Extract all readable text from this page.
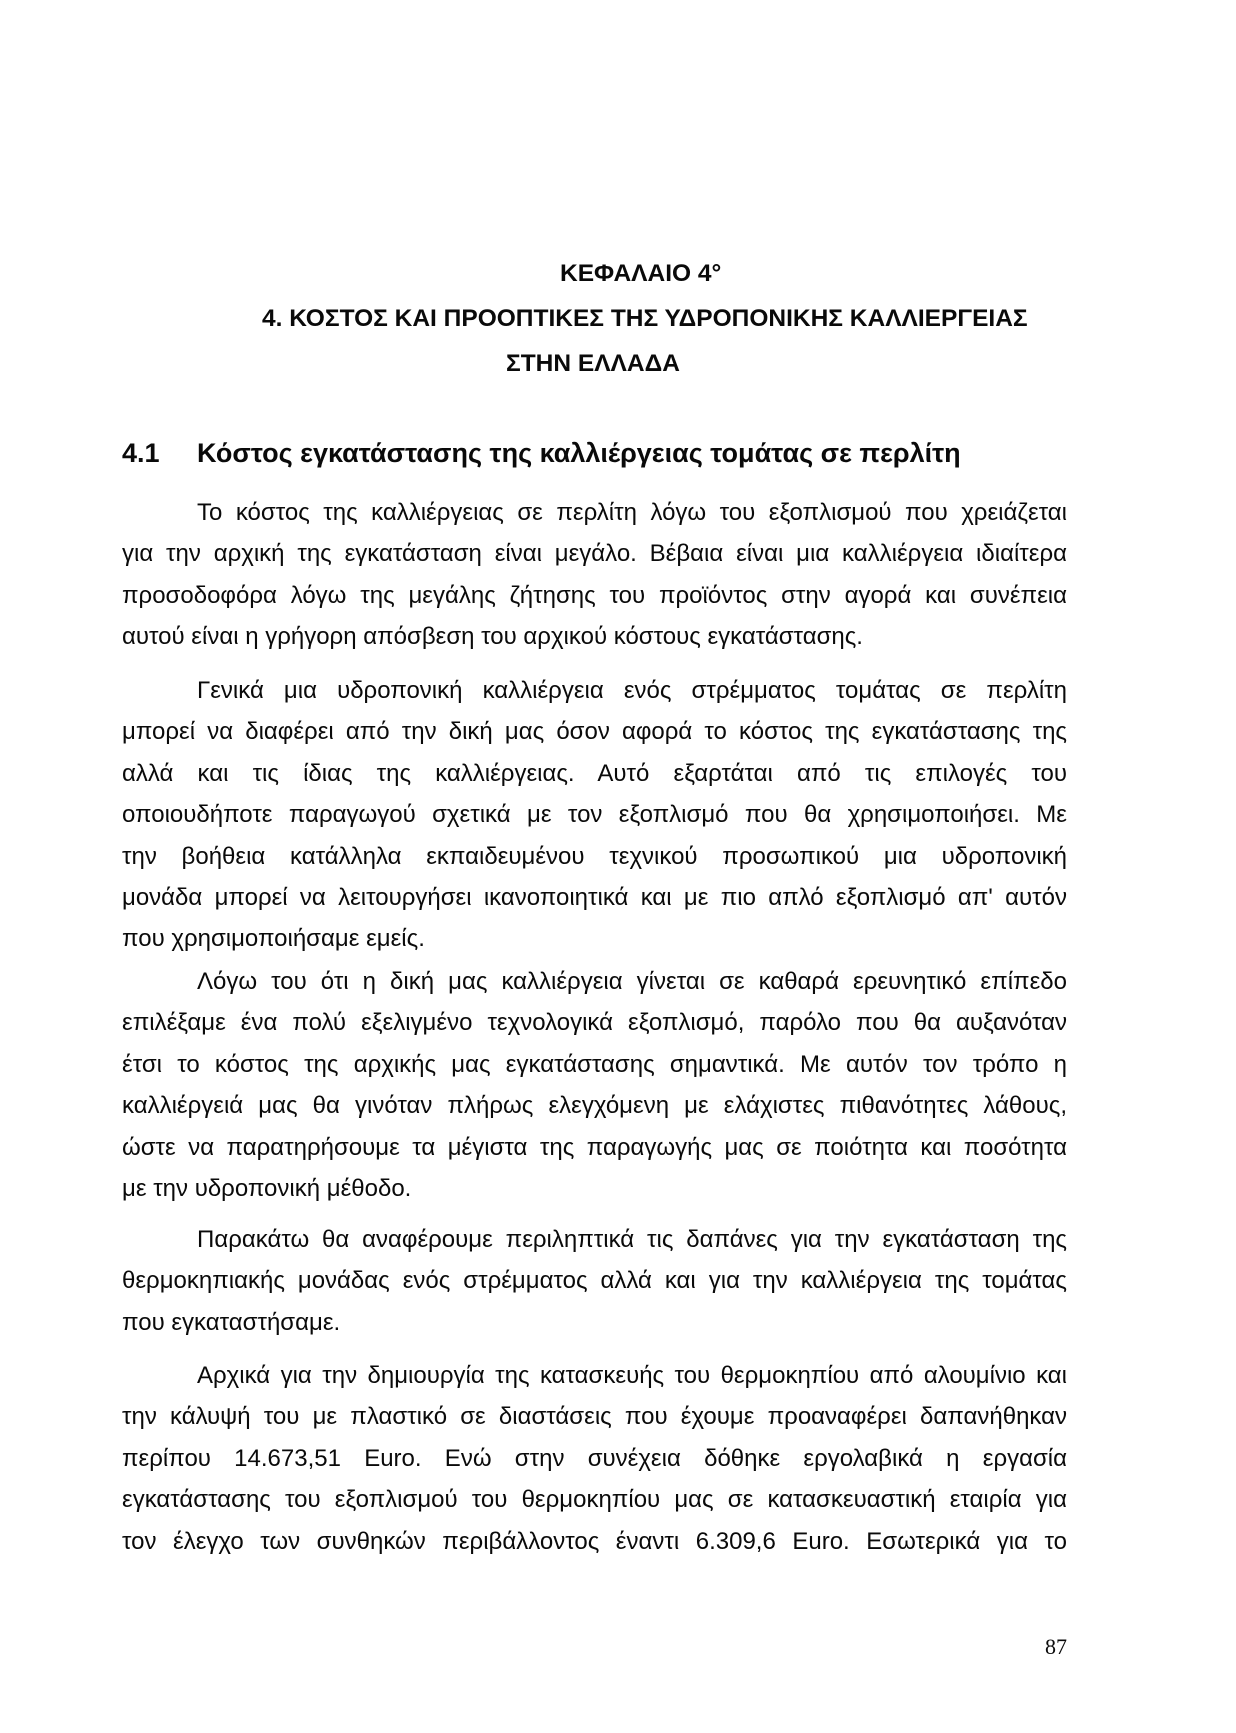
ΚΕΦΑΛΑΙΟ 4°
4. ΚΟΣΤΟΣ ΚΑΙ ΠΡΟΟΠΤΙΚΕΣ ΤΗΣ ΥΔΡΟΠΟΝΙΚΗΣ ΚΑΛΛΙΕΡΓΕΙΑΣ
ΣΤΗΝ ΕΛΛΑΔΑ
4.1 Κόστος εγκατάστασης της καλλιέργειας τομάτας σε περλίτη
Το κόστος της καλλιέργειας σε περλίτη λόγω του εξοπλισμού που χρειάζεται
για την αρχική της εγκατάσταση είναι μεγάλο. Βέβαια είναι μια καλλιέργεια ιδιαίτερα
προσοδοφόρα λόγω της μεγάλης ζήτησης του προϊόντος στην αγορά και συνέπεια
αυτού είναι η γρήγορη απόσβεση του αρχικού κόστους εγκατάστασης.
Γενικά μια υδροπονική καλλιέργεια ενός στρέμματος τομάτας σε περλίτη
μπορεί να διαφέρει από την δική μας όσον αφορά το κόστος της εγκατάστασης της
αλλά και τις ίδιας της καλλιέργειας. Αυτό εξαρτάται από τις επιλογές του
οποιουδήποτε παραγωγού σχετικά με τον εξοπλισμό που θα χρησιμοποιήσει. Με
την βοήθεια κατάλληλα εκπαιδευμένου τεχνικού προσωπικού μια υδροπονική
μονάδα μπορεί να λειτουργήσει ικανοποιητικά και με πιο απλό εξοπλισμό απ' αυτόν
που χρησιμοποιήσαμε εμείς.
Λόγω του ότι η δική μας καλλιέργεια γίνεται σε καθαρά ερευνητικό επίπεδο
επιλέξαμε ένα πολύ εξελιγμένο τεχνολογικά εξοπλισμό, παρόλο που θα αυξανόταν
έτσι το κόστος της αρχικής μας εγκατάστασης σημαντικά. Με αυτόν τον τρόπο η
καλλιέργειά μας θα γινόταν πλήρως ελεγχόμενη με ελάχιστες πιθανότητες λάθους,
ώστε να παρατηρήσουμε τα μέγιστα της παραγωγής μας σε ποιότητα και ποσότητα
με την υδροπονική μέθοδο.
Παρακάτω θα αναφέρουμε περιληπτικά τις δαπάνες για την εγκατάσταση της
θερμοκηπιακής μονάδας ενός στρέμματος αλλά και για την καλλιέργεια της τομάτας
που εγκαταστήσαμε.
Αρχικά για την δημιουργία της κατασκευής του θερμοκηπίου από αλουμίνιο και
την κάλυψή του με πλαστικό σε διαστάσεις που έχουμε προαναφέρει δαπανήθηκαν
περίπου 14.673,51 Euro. Ενώ στην συνέχεια δόθηκε εργολαβικά η εργασία
εγκατάστασης του εξοπλισμού του θερμοκηπίου μας σε κατασκευαστική εταιρία για
τον έλεγχο των συνθηκών περιβάλλοντος έναντι 6.309,6 Euro. Εσωτερικά για το
87
